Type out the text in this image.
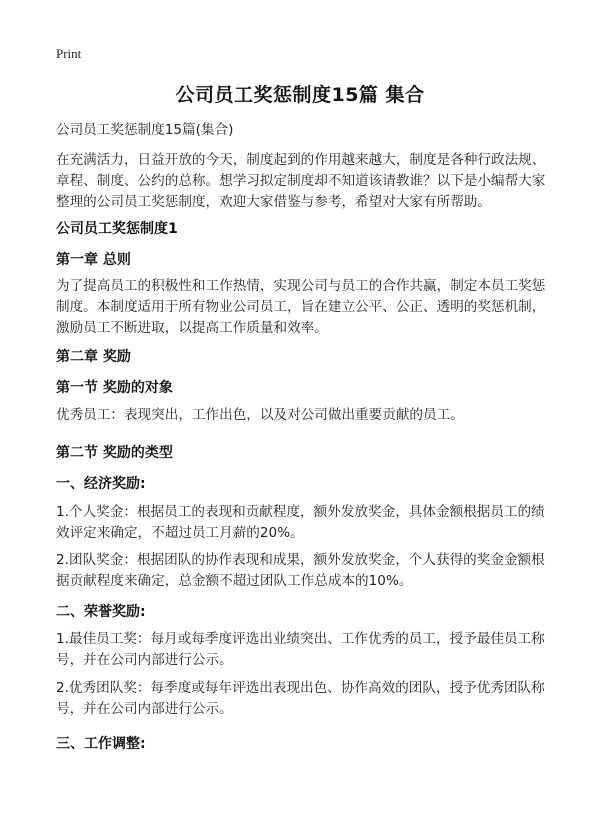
Print
公司员工奖惩制度15篇 集合
公司员工奖惩制度15篇(集合)
在充满活力，日益开放的今天，制度起到的作用越来越大，制度是各种行政法规、章程、制度、公约的总称。想学习拟定制度却不知道该请教谁？以下是小编帮大家整理的公司员工奖惩制度，欢迎大家借鉴与参考，希望对大家有所帮助。
公司员工奖惩制度1
第一章 总则
为了提高员工的积极性和工作热情，实现公司与员工的合作共赢，制定本员工奖惩制度。本制度适用于所有物业公司员工，旨在建立公平、公正、透明的奖惩机制，激励员工不断进取，以提高工作质量和效率。
第二章 奖励
第一节 奖励的对象
优秀员工：表现突出，工作出色，以及对公司做出重要贡献的员工。
第二节 奖励的类型
一、经济奖励:
1.个人奖金：根据员工的表现和贡献程度，额外发放奖金，具体金额根据员工的绩效评定来确定，不超过员工月薪的20%。
2.团队奖金：根据团队的协作表现和成果，额外发放奖金，个人获得的奖金金额根据贡献程度来确定，总金额不超过团队工作总成本的10%。
二、荣誉奖励:
1.最佳员工奖：每月或每季度评选出业绩突出、工作优秀的员工，授予最佳员工称号，并在公司内部进行公示。
2.优秀团队奖：每季度或每年评选出表现出色、协作高效的团队，授予优秀团队称号，并在公司内部进行公示。
三、工作调整:
